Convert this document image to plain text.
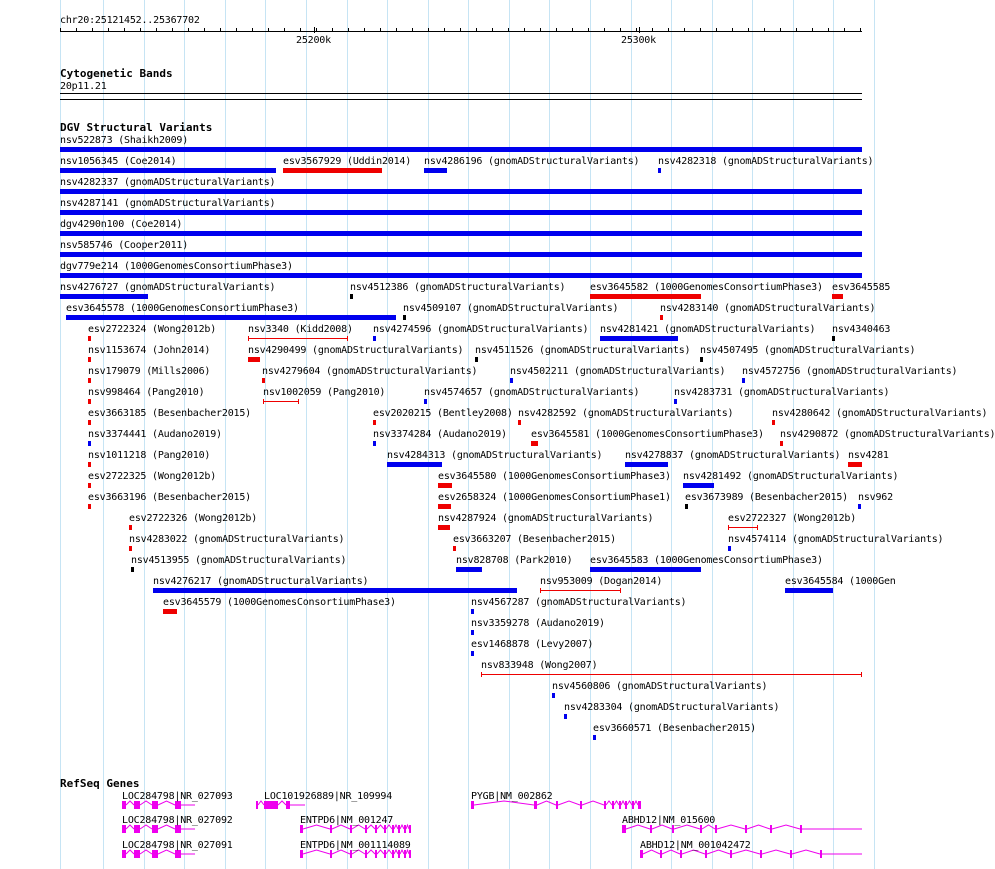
chr20:25121452..25367702
25200k	25300k
Cytogenetic Bands
20p11.21
DGV Structural Variants
nsv522873 (Shaikh2009)
nsv1056345 (Coe2014)	esv3567929 (Uddin2014) nsv4286196 (gnomADStructuralVariants) nsv4282318 (gnomADStructuralVariants)
nsv4282337 (gnomADStructuralVariants)
nsv4287141 (gnomADStructuralVariants)
dgv4290n100 (Coe2014)
nsv585746 (Cooper2011)
dgv779e214 (1000GenomesConsortiumPhase3)
nsv4276727 (gnomADStructuralVariants)	nsv4512386 (gnomADStructuralVariants) esv3645582 (1000GenomesConsortiumPhase3) esv3645585
esv3645578 (1000GenomesConsortiumPhase3)	nsv4509107 (gnomADStructuralVariants)	nsv4283140 (gnomADStructuralVariants)
esv2722324 (Wong2012b)	nsv3340 (Kidd2008) nsv4274596 (gnomADStructuralVariants) nsv4281421 (gnomADStructuralVariants) nsv4340463
nsv1153674 (John2014)	nsv4290499 (gnomADStructuralVariants) nsv4511526 (gnomADStructuralVariants) nsv4507495 (gnomADStructuralVariants)
nsv179079 (Mills2006)	nsv4279604 (gnomADStructuralVariants)	nsv4502211 (gnomADStructuralVariants) nsv4572756 (gnomADStructuralVariants)
nsv998464 (Pang2010)	nsv1002059 (Pang2010)	nsv4574657 (gnomADStructuralVariants)	nsv4283731 (gnomADStructuralVariants)
esv3663185 (Besenbacher2015)	esv2020215 (Bentley2008) nsv4282592 (gnomADStructuralVariants)	nsv4280642 (gnomADStructuralVariants)
nsv3374441 (Audano2019)	nsv3374284 (Audano2019) esv3645581 (1000GenomesConsortiumPhase3) nsv4290872 (gnomADStructuralVariants)
nsv1011218 (Pang2010)	nsv4284313 (gnomADStructuralVariants) nsv4278837 (gnomADStructuralVariants) nsv4281
esv2722325 (Wong2012b)	esv3645580 (1000GenomesConsortiumPhase3) nsv4281492 (gnomADStructuralVariants)
esv3663196 (Besenbacher2015)	esv2658324 (1000GenomesConsortiumPhase1) esv3673989 (Besenbacher2015) nsv962
esv2722326 (Wong2012b)	nsv4287924 (gnomADStructuralVariants)	esv2722327 (Wong2012b)
nsv4283022 (gnomADStructuralVariants)	esv3663207 (Besenbacher2015)	nsv4574114 (gnomADStructuralVariants)
nsv4513955 (gnomADStructuralVariants)	nsv828708 (Park2010) esv3645583 (1000GenomesConsortiumPhase3)
nsv4276217 (gnomADStructuralVariants)	nsv953009 (Dogan2014)	esv3645584 (1000Gen
esv3645579 (1000GenomesConsortiumPhase3)	nsv4567287 (gnomADStructuralVariants)
nsv3359278 (Audano2019)
esv1468878 (Levy2007)
nsv833948 (Wong2007)
nsv4560806 (gnomADStructuralVariants)
nsv4283304 (gnomADStructuralVariants)
esv3660571 (Besenbacher2015)
RefSeq Genes
LOC284798|NR_027093	LOC101926889|NR_109994	PYGB|NM_002862
LOC284798|NR_027092	ENTPD6|NM_001247	ABHD12|NM_015600
LOC284798|NR_027091	ENTPD6|NM_001114089	ABHD12|NM_001042472
